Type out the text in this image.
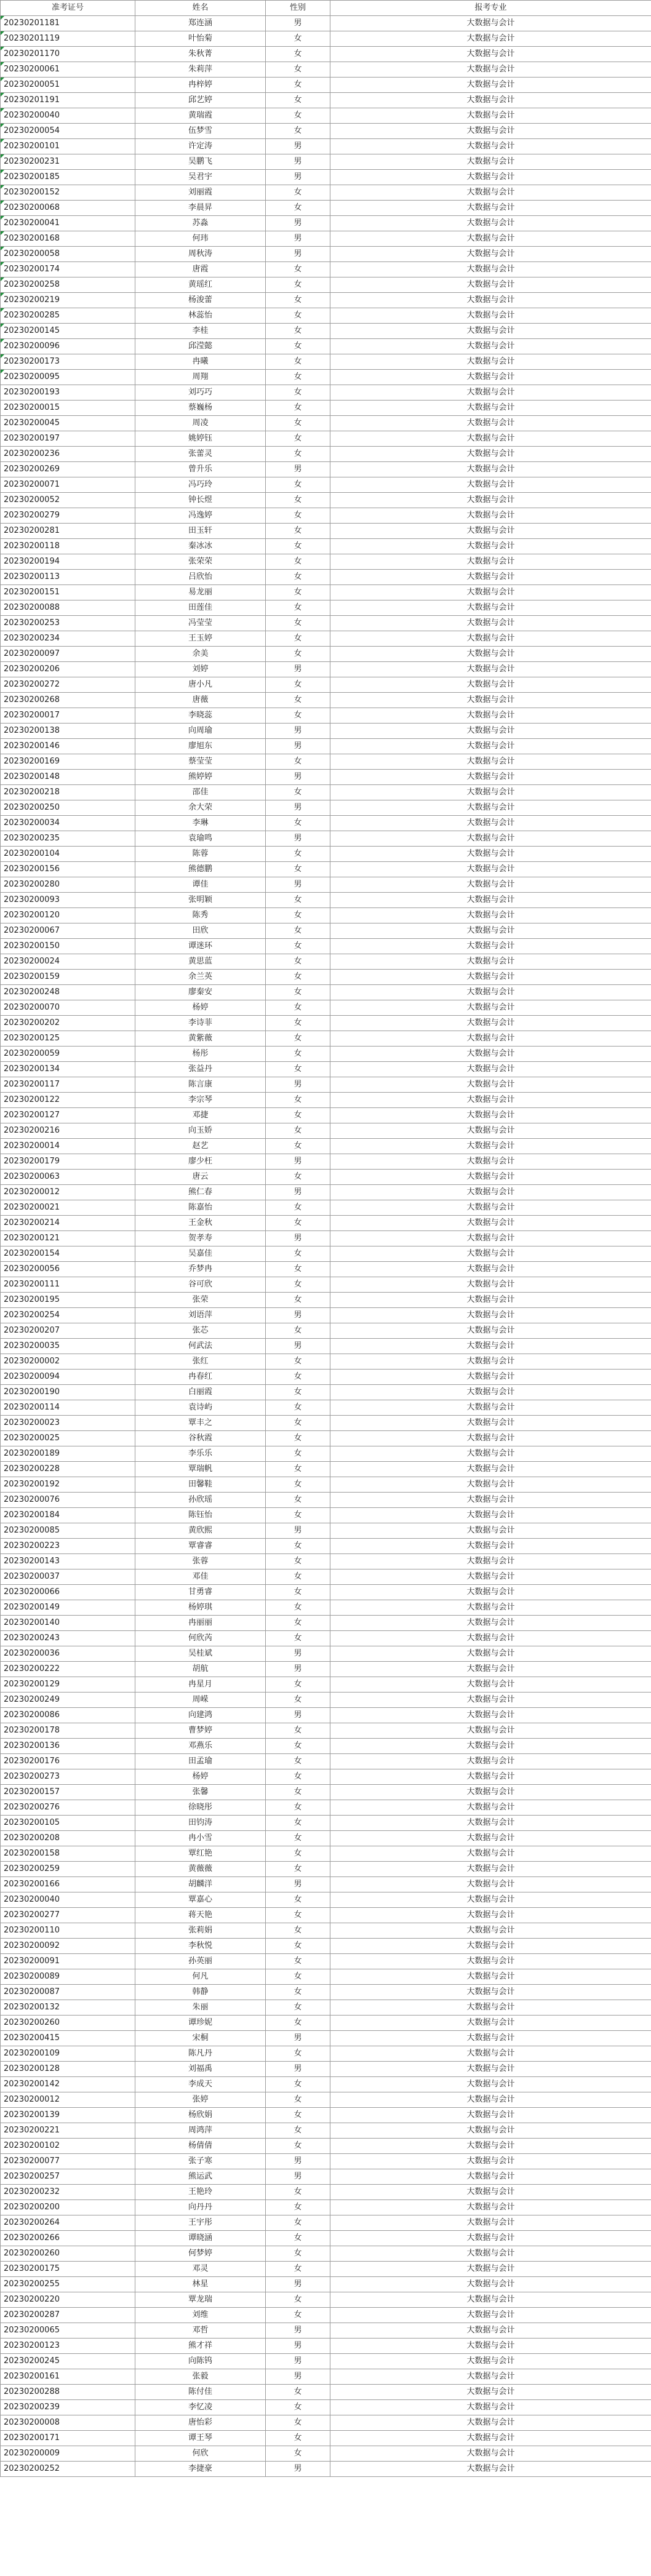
准考证号	姓名	性别	报考专业

20230201181	郑连涵	男	大数据与会计

20230201119	叶怡菊	女	大数据与会计

20230201170	朱秋菁	女	大数据与会计

20230200061	朱莉萍	女	大数据与会计

20230200051	冉梓婷	女	大数据与会计

20230201191	邱艺婷	女	大数据与会计

20230200040	黄瑞霞	女	大数据与会计

20230200054	伍梦雪	女	大数据与会计

20230200101	许定涛	男	大数据与会计

20230200231	吴鹏飞	男	大数据与会计

20230200185	吴君宇	男	大数据与会计

20230200152	刘丽霞	女	大数据与会计

20230200068	李晨昇	女	大数据与会计

20230200041	苏淼	男	大数据与会计

20230200168	何玮	男	大数据与会计

20230200058	周秋涛	男	大数据与会计

20230200174	唐霞	女	大数据与会计

20230200258	黄瑶红	女	大数据与会计

20230200219	杨浚蕾	女	大数据与会计

20230200285	林蕊怡	女	大数据与会计

20230200145	李桂	女	大数据与会计

20230200096	邱滢懿	女	大数据与会计

20230200173	冉曦	女	大数据与会计

20230200095	周翔	女	大数据与会计
20230200193	刘巧巧	女	大数据与会计
20230200015	蔡巍杨	女	大数据与会计
20230200045	周凌	女	大数据与会计
20230200197	姚婷钰	女	大数据与会计
20230200236	张蕾灵	女	大数据与会计
20230200269	曾升乐	男	大数据与会计
20230200071	冯巧玲	女	大数据与会计
20230200052	钟长煜	女	大数据与会计
20230200279	冯逸婷	女	大数据与会计
20230200281	田玉轩	女	大数据与会计
20230200118	秦冰冰	女	大数据与会计
20230200194	张荣荣	女	大数据与会计
20230200113	吕欣怡	女	大数据与会计
20230200151	易龙丽	女	大数据与会计
20230200088	田莲佳	女	大数据与会计
20230200253	冯莹莹	女	大数据与会计
20230200234	王玉婷	女	大数据与会计
20230200097	余美	女	大数据与会计
20230200206	刘婷	男	大数据与会计
20230200272	唐小凡	女	大数据与会计
20230200268	唐薇	女	大数据与会计
20230200017	李晓蕊	女	大数据与会计
20230200138	向周瑜	男	大数据与会计
20230200146	廖旭东	男	大数据与会计
20230200169	蔡莹莹	女	大数据与会计
20230200148	熊婷婷	男	大数据与会计
20230200218	邵佳	女	大数据与会计
20230200250	余大荣	男	大数据与会计
20230200034	李琳	女	大数据与会计
20230200235	袁瑜鸣	男	大数据与会计
20230200104	陈蓉	女	大数据与会计
20230200156	熊德鹏	女	大数据与会计
20230200280	谭佳	男	大数据与会计
20230200093	张明颖	女	大数据与会计
20230200120	陈秀	女	大数据与会计
20230200067	田欣	女	大数据与会计
20230200150	谭迷环	女	大数据与会计
20230200024	黄思蓝	女	大数据与会计
20230200159	余兰英	女	大数据与会计
20230200248	廖秦安	女	大数据与会计
20230200070	杨婷	女	大数据与会计
20230200202	李诗菲	女	大数据与会计
20230200125	黄紫薇	女	大数据与会计
20230200059	杨彤	女	大数据与会计
20230200134	张益丹	女	大数据与会计
20230200117	陈言康	男	大数据与会计
20230200122	李宗琴	女	大数据与会计
20230200127	邓捷	女	大数据与会计
20230200216	向玉娇	女	大数据与会计
20230200014	赵艺	女	大数据与会计
20230200179	廖少枉	男	大数据与会计
20230200063	唐云	女	大数据与会计
20230200012	熊仁春	男	大数据与会计
20230200021	陈嘉怡	女	大数据与会计
20230200214	王金秋	女	大数据与会计
20230200121	贺孝寿	男	大数据与会计
20230200154	吴嘉佳	女	大数据与会计
20230200056	乔梦冉	女	大数据与会计
20230200111	谷可欣	女	大数据与会计
20230200195	张荣	女	大数据与会计
20230200254	刘语萍	男	大数据与会计
20230200207	张芯	女	大数据与会计
20230200035	何武法	男	大数据与会计
20230200002	张红	女	大数据与会计
20230200094	冉春红	女	大数据与会计
20230200190	白丽霞	女	大数据与会计
20230200114	袁诗屿	女	大数据与会计
20230200023	覃丰之	女	大数据与会计
20230200025	谷秋霞	女	大数据与会计
20230200189	李乐乐	女	大数据与会计
20230200228	覃瑞帆	女	大数据与会计
20230200192	田馨鞋	女	大数据与会计
20230200076	孙欣瑶	女	大数据与会计
20230200184	陈钰怡	女	大数据与会计
20230200085	黄欣熙	男	大数据与会计
20230200223	覃睿睿	女	大数据与会计
20230200143	张蓉	女	大数据与会计
20230200037	邓佳	女	大数据与会计
20230200066	甘勇睿	女	大数据与会计
20230200149	杨婷琪	女	大数据与会计
20230200140	冉丽丽	女	大数据与会计
20230200243	何欣芮	女	大数据与会计
20230200036	吴桂斌	男	大数据与会计
20230200222	胡航	男	大数据与会计
20230200129	冉星月	女	大数据与会计
20230200249	周嵘	女	大数据与会计
20230200086	向建鸿	男	大数据与会计
20230200178	曹梦婷	女	大数据与会计
20230200136	邓燕乐	女	大数据与会计
20230200176	田孟瑜	女	大数据与会计
20230200273	杨婷	女	大数据与会计
20230200157	张馨	女	大数据与会计
20230200276	徐晓彤	女	大数据与会计
20230200105	田钧涛	女	大数据与会计
20230200208	冉小雪	女	大数据与会计
20230200158	覃红艳	女	大数据与会计
20230200259	黄薇薇	女	大数据与会计
20230200166	胡麟洋	男	大数据与会计
20230200040	覃嘉心	女	大数据与会计
20230200277	蒋天艳	女	大数据与会计
20230200110	张莉娟	女	大数据与会计
20230200092	李秋悦	女	大数据与会计
20230200091	孙英丽	女	大数据与会计
20230200089	何凡	女	大数据与会计
20230200087	韩静	女	大数据与会计
20230200132	朱丽	女	大数据与会计
20230200260	谭珍妮	女	大数据与会计
20230200415	宋桐	男	大数据与会计
20230200109	陈凡丹	女	大数据与会计
20230200128	刘福禹	男	大数据与会计
20230200142	李成天	女	大数据与会计
20230200012	张婷	女	大数据与会计
20230200139	杨欣娟	女	大数据与会计
20230200221	周鸿萍	女	大数据与会计
20230200102	杨倩倩	女	大数据与会计
20230200077	张子寒	男	大数据与会计
20230200257	熊运武	男	大数据与会计
20230200232	王艳玲	女	大数据与会计
20230200200	向丹丹	女	大数据与会计
20230200264	王宇彤	女	大数据与会计
20230200266	谭晓涵	女	大数据与会计
20230200260	何梦婷	女	大数据与会计
20230200175	邓灵	女	大数据与会计
20230200255	林星	男	大数据与会计
20230200220	覃龙瑞	女	大数据与会计
20230200287	刘维	女	大数据与会计
20230200065	邓哲	男	大数据与会计
20230200123	熊才祥	男	大数据与会计
20230200245	向陈钨	男	大数据与会计
20230200161	张毅	男	大数据与会计
20230200288	陈付佳	女	大数据与会计
20230200239	李忆凌	女	大数据与会计
20230200008	唐怡彩	女	大数据与会计
20230200171	谭王琴	女	大数据与会计
20230200009	何欣	女	大数据与会计
20230200252	李捷豪	男	大数据与会计
